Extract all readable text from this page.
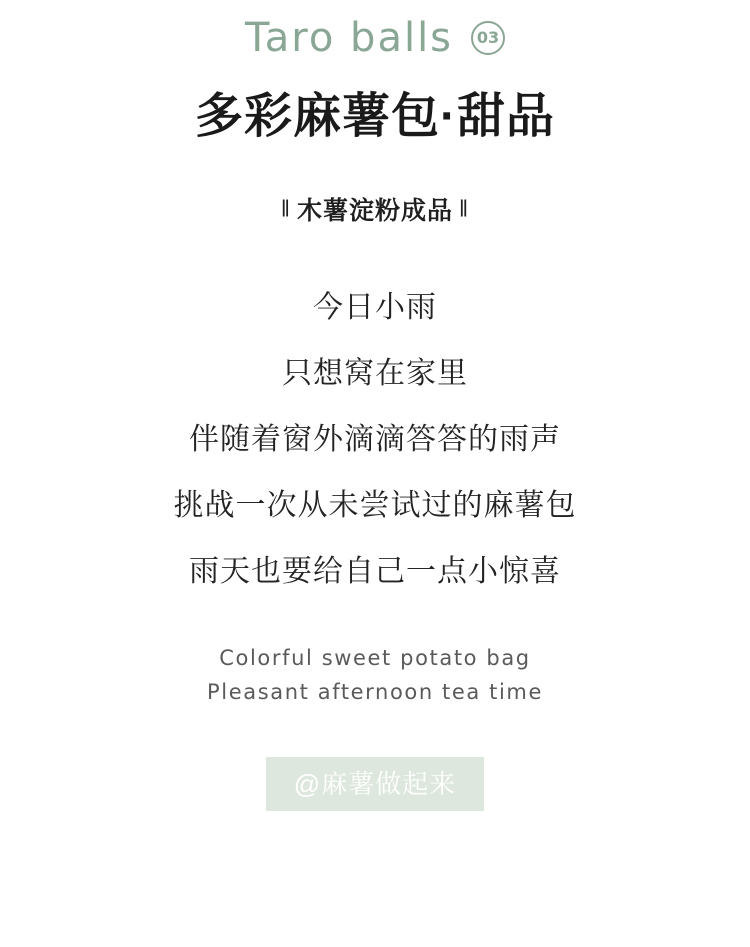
Taro balls	03
多彩麻薯包·甜品
‖ 木薯淀粉成品 ‖
今日小雨
只想窝在家里
伴随着窗外滴滴答答的雨声
挑战一次从未尝试过的麻薯包
雨天也要给自己一点小惊喜
Colorful sweet potato bag
Pleasant afternoon tea time
@麻薯做起来
